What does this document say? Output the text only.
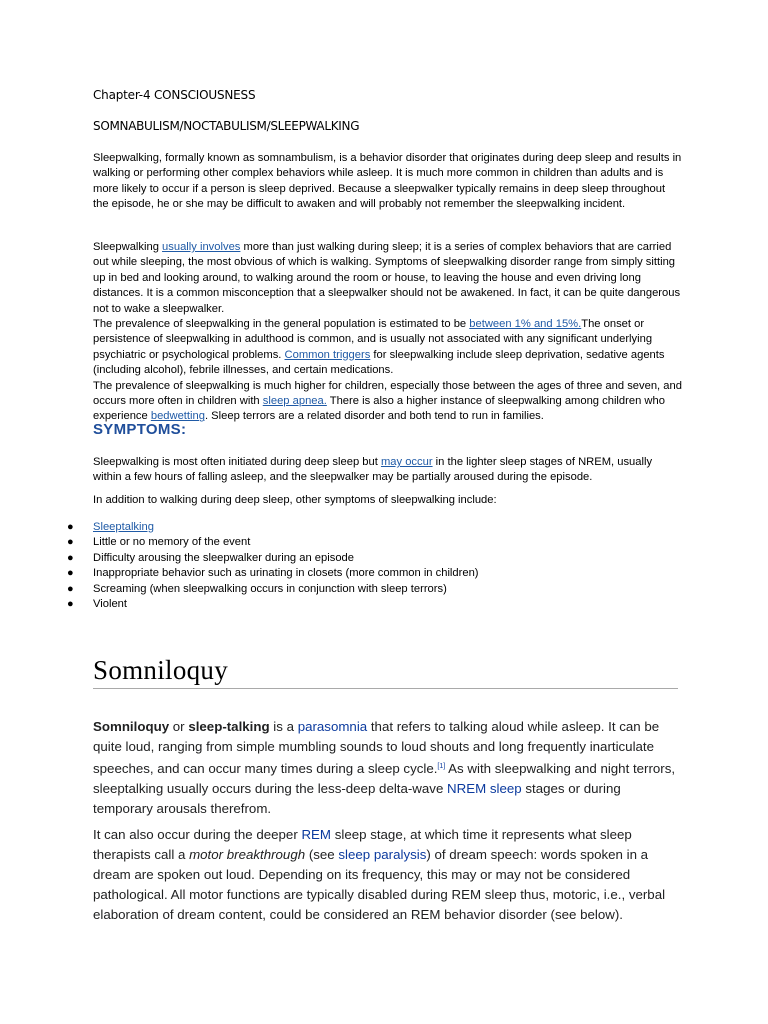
Chapter-4 CONSCIOUSNESS
SOMNABULISM/NOCTABULISM/SLEEPWALKING

Sleepwalking, formally known as somnambulism, is a behavior disorder that originates during deep sleep and results in walking or performing other complex behaviors while asleep. It is much more common in children than adults and is more likely to occur if a person is sleep deprived. Because a sleepwalker typically remains in deep sleep throughout the episode, he or she may be difficult to awaken and will probably not remember the sleepwalking incident.

Sleepwalking usually involves more than just walking during sleep; it is a series of complex behaviors that are carried out while sleeping, the most obvious of which is walking. Symptoms of sleepwalking disorder range from simply sitting up in bed and looking around, to walking around the room or house, to leaving the house and even driving long distances. It is a common misconception that a sleepwalker should not be awakened. In fact, it can be quite dangerous not to wake a sleepwalker.
The prevalence of sleepwalking in the general population is estimated to be between 1% and 15%.The onset or persistence of sleepwalking in adulthood is common, and is usually not associated with any significant underlying psychiatric or psychological problems. Common triggers for sleepwalking include sleep deprivation, sedative agents (including alcohol), febrile illnesses, and certain medications.
The prevalence of sleepwalking is much higher for children, especially those between the ages of three and seven, and occurs more often in children with sleep apnea. There is also a higher instance of sleepwalking among children who experience bedwetting. Sleep terrors are a related disorder and both tend to run in families.

SYMPTOMS:

Sleepwalking is most often initiated during deep sleep but may occur in the lighter sleep stages of NREM, usually within a few hours of falling asleep, and the sleepwalker may be partially aroused during the episode.

In addition to walking during deep sleep, other symptoms of sleepwalking include:

● Sleeptalking
● Little or no memory of the event
● Difficulty arousing the sleepwalker during an episode
● Inappropriate behavior such as urinating in closets (more common in children)
● Screaming (when sleepwalking occurs in conjunction with sleep terrors)
● Violent
Somniloquy

Somniloquy or sleep-talking is a parasomnia that refers to talking aloud while asleep. It can be quite loud, ranging from simple mumbling sounds to loud shouts and long frequently inarticulate speeches, and can occur many times during a sleep cycle.[1] As with sleepwalking and night terrors, sleeptalking usually occurs during the less-deep delta-wave NREM sleep stages or during temporary arousals therefrom.

It can also occur during the deeper REM sleep stage, at which time it represents what sleep therapists call a motor breakthrough (see sleep paralysis) of dream speech: words spoken in a dream are spoken out loud. Depending on its frequency, this may or may not be considered pathological. All motor functions are typically disabled during REM sleep thus, motoric, i.e., verbal elaboration of dream content, could be considered an REM behavior disorder (see below).
